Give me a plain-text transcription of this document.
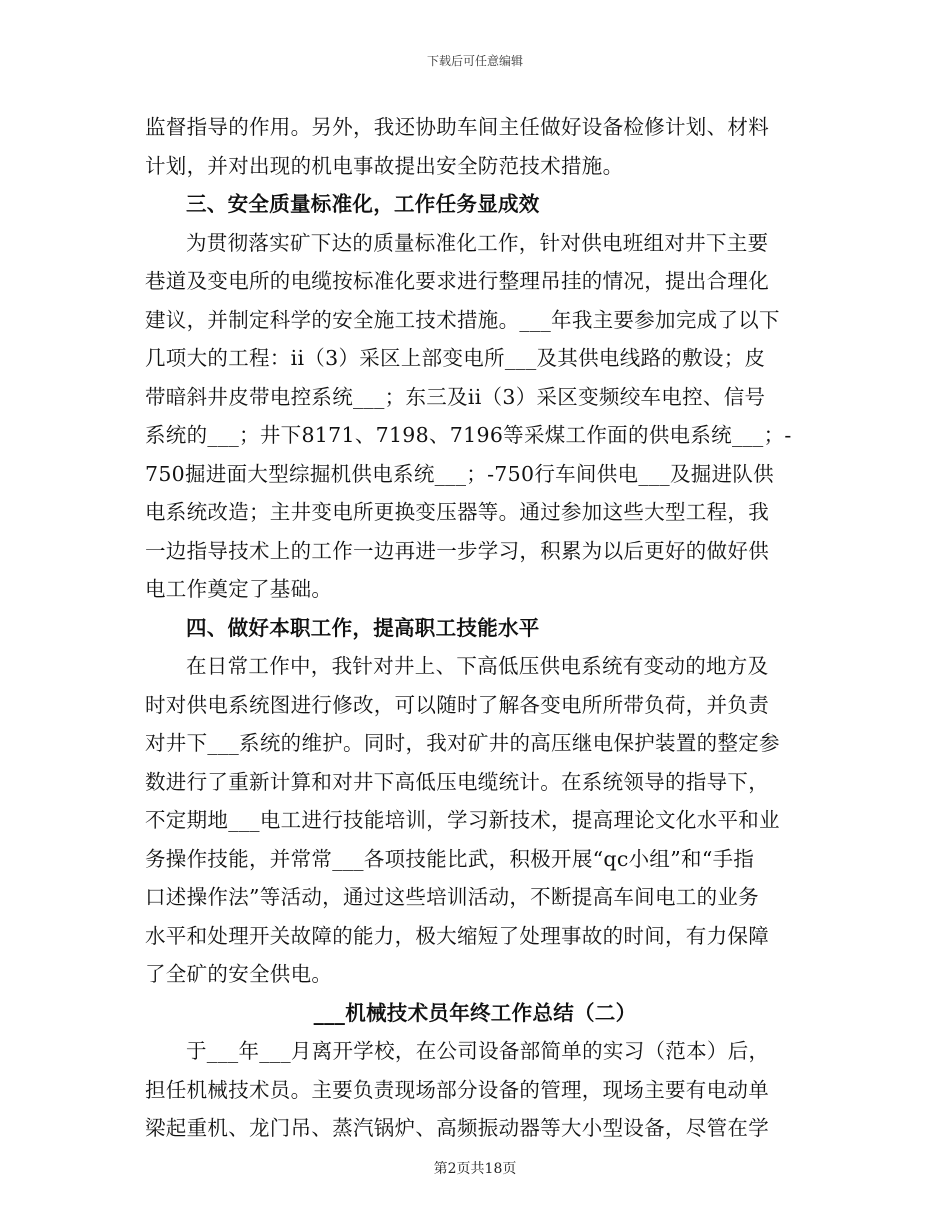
下载后可任意编辑
监督指导的作用。另外，我还协助车间主任做好设备检修计划、材料
计划，并对出现的机电事故提出安全防范技术措施。
三、安全质量标准化，工作任务显成效
为贯彻落实矿下达的质量标准化工作，针对供电班组对井下主要
巷道及变电所的电缆按标准化要求进行整理吊挂的情况，提出合理化
建议，并制定科学的安全施工技术措施。___年我主要参加完成了以下
几项大的工程：ii（3）采区上部变电所___及其供电线路的敷设；皮
带暗斜井皮带电控系统___；东三及ii（3）采区变频绞车电控、信号
系统的___；井下8171、7198、7196等采煤工作面的供电系统___；-
750掘进面大型综掘机供电系统___；-750行车间供电___及掘进队供
电系统改造；主井变电所更换变压器等。通过参加这些大型工程，我
一边指导技术上的工作一边再进一步学习，积累为以后更好的做好供
电工作奠定了基础。
四、做好本职工作，提高职工技能水平
在日常工作中，我针对井上、下高低压供电系统有变动的地方及
时对供电系统图进行修改，可以随时了解各变电所所带负荷，并负责
对井下___系统的维护。同时，我对矿井的高压继电保护装置的整定参
数进行了重新计算和对井下高低压电缆统计。在系统领导的指导下，
不定期地___电工进行技能培训，学习新技术，提高理论文化水平和业
务操作技能，并常常___各项技能比武，积极开展“qc小组”和“手指
口述操作法”等活动，通过这些培训活动，不断提高车间电工的业务
水平和处理开关故障的能力，极大缩短了处理事故的时间，有力保障
了全矿的安全供电。
___机械技术员年终工作总结（二）
于___年___月离开学校，在公司设备部简单的实习（范本）后，
担任机械技术员。主要负责现场部分设备的管理，现场主要有电动单
梁起重机、龙门吊、蒸汽锅炉、高频振动器等大小型设备，尽管在学
第2页共18页
